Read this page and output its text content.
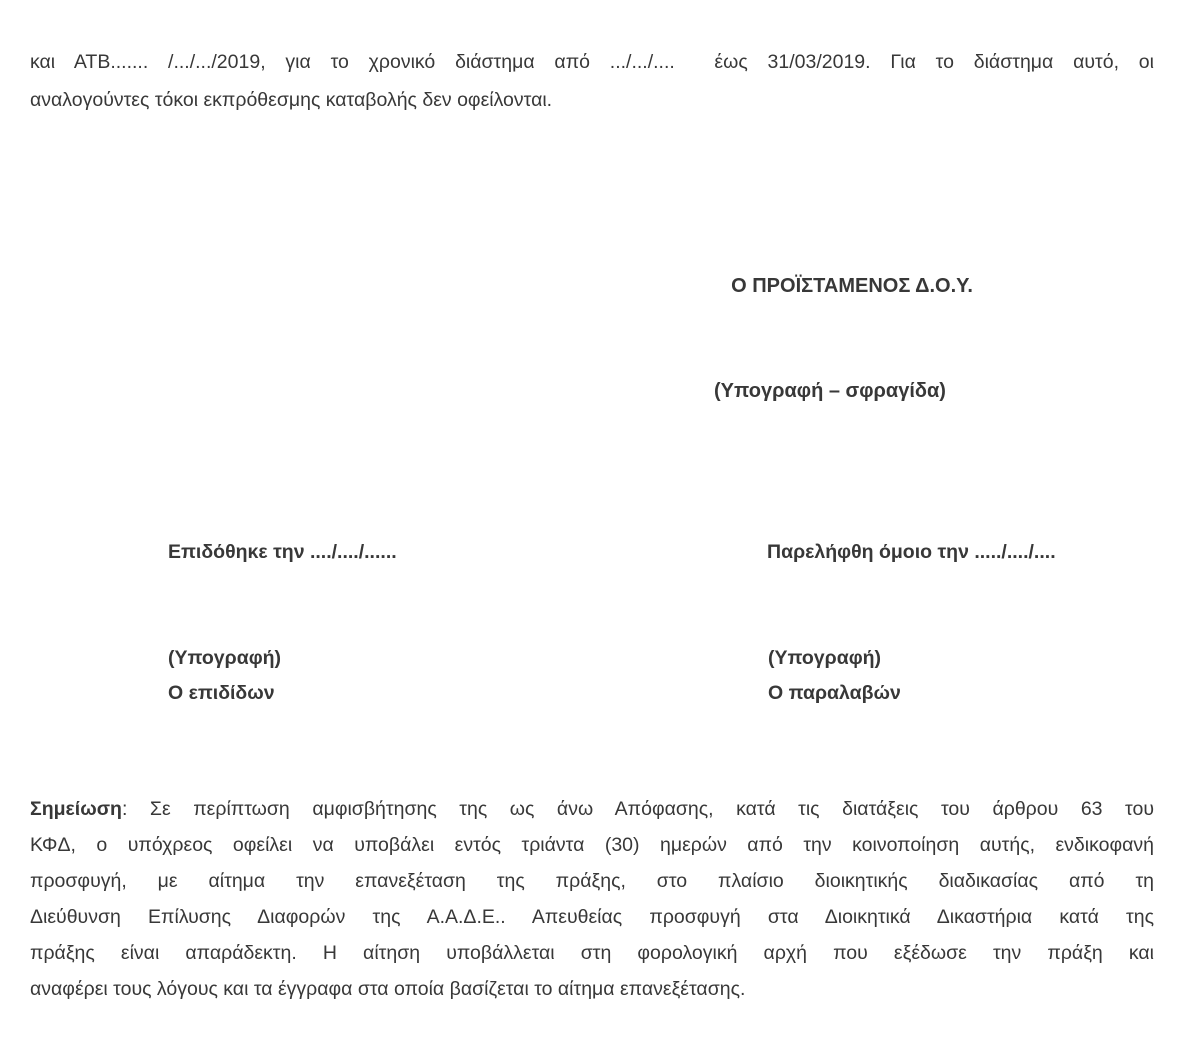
και ΑΤΒ....... /.../.../2019, για το χρονικό διάστημα από .../.../....  έως 31/03/2019. Για το διάστημα αυτό, οι
αναλογούντες τόκοι εκπρόθεσμης καταβολής δεν οφείλονται.
Ο ΠΡΟΪΣΤΑΜΕΝΟΣ Δ.Ο.Υ.
(Υπογραφή – σφραγίδα)
Επιδόθηκε την ..../..../......	Παρελήφθη όμοιο την ...../..../....
(Υπογραφή)
Ο επιδίδων
(Υπογραφή)
Ο παραλαβών
Σημείωση: Σε περίπτωση αμφισβήτησης της ως άνω Απόφασης, κατά τις διατάξεις του άρθρου 63 του
ΚΦΔ, ο υπόχρεος οφείλει να υποβάλει εντός τριάντα (30) ημερών από την κοινοποίηση αυτής, ενδικοφανή
προσφυγή, με αίτημα την επανεξέταση της πράξης, στο πλαίσιο διοικητικής διαδικασίας από τη
Διεύθυνση Επίλυσης Διαφορών της Α.Α.Δ.Ε.. Απευθείας προσφυγή στα Διοικητικά Δικαστήρια κατά της
πράξης είναι απαράδεκτη. Η αίτηση υποβάλλεται στη φορολογική αρχή που εξέδωσε την πράξη και
αναφέρει τους λόγους και τα έγγραφα στα οποία βασίζεται το αίτημα επανεξέτασης.
